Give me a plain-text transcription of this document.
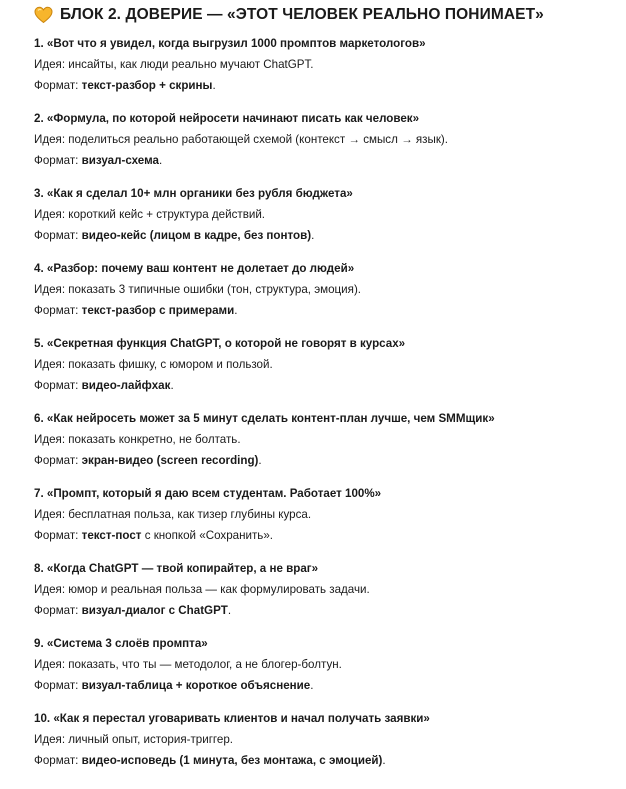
БЛОК 2. ДОВЕРИЕ — «ЭТОТ ЧЕЛОВЕК РЕАЛЬНО ПОНИМАЕТ»
1. «Вот что я увидел, когда выгрузил 1000 промптов маркетологов»
Идея: инсайты, как люди реально мучают ChatGPT.
Формат: текст-разбор + скрины.
2. «Формула, по которой нейросети начинают писать как человек»
Идея: поделиться реально работающей схемой (контекст → смысл → язык).
Формат: визуал-схема.
3. «Как я сделал 10+ млн органики без рубля бюджета»
Идея: короткий кейс + структура действий.
Формат: видео-кейс (лицом в кадре, без понтов).
4. «Разбор: почему ваш контент не долетает до людей»
Идея: показать 3 типичные ошибки (тон, структура, эмоция).
Формат: текст-разбор с примерами.
5. «Секретная функция ChatGPT, о которой не говорят в курсах»
Идея: показать фишку, с юмором и пользой.
Формат: видео-лайфхак.
6. «Как нейросеть может за 5 минут сделать контент-план лучше, чем SMMщик»
Идея: показать конкретно, не болтать.
Формат: экран-видео (screen recording).
7. «Промпт, который я даю всем студентам. Работает 100%»
Идея: бесплатная польза, как тизер глубины курса.
Формат: текст-пост с кнопкой «Сохранить».
8. «Когда ChatGPT — твой копирайтер, а не враг»
Идея: юмор и реальная польза — как формулировать задачи.
Формат: визуал-диалог с ChatGPT.
9. «Система 3 слоёв промпта»
Идея: показать, что ты — методолог, а не блогер-болтун.
Формат: визуал-таблица + короткое объяснение.
10. «Как я перестал уговаривать клиентов и начал получать заявки»
Идея: личный опыт, история-триггер.
Формат: видео-исповедь (1 минута, без монтажа, с эмоцией).
